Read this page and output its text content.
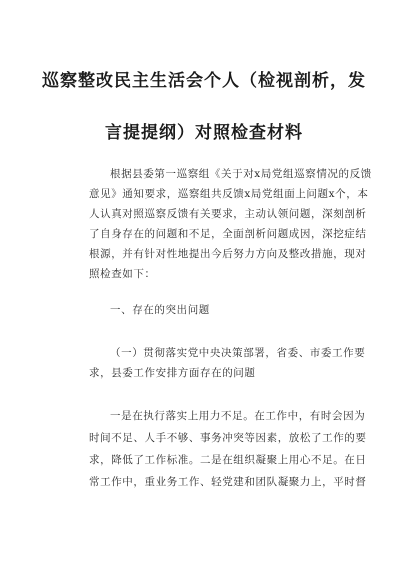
巡察整改民主生活会个人（检视剖析，发
言提提纲）对照检查材料
根据县委第一巡察组《关于对x局党组巡察情况的反馈
意见》通知要求，巡察组共反馈x局党组面上问题x个，本
人认真对照巡察反馈有关要求，主动认领问题，深刻剖析
了自身存在的问题和不足，全面剖析问题成因，深挖症结
根源，并有针对性地提出今后努力方向及整改措施，现对
照检查如下：
一、存在的突出问题
（一）贯彻落实党中央决策部署，省委、市委工作要
求，县委工作安排方面存在的问题
一是在执行落实上用力不足。在工作中，有时会因为
时间不足、人手不够、事务冲突等因素，放松了工作的要
求，降低了工作标准。二是在组织凝聚上用心不足。在日
常工作中，重业务工作、轻党建和团队凝聚力上，平时督
